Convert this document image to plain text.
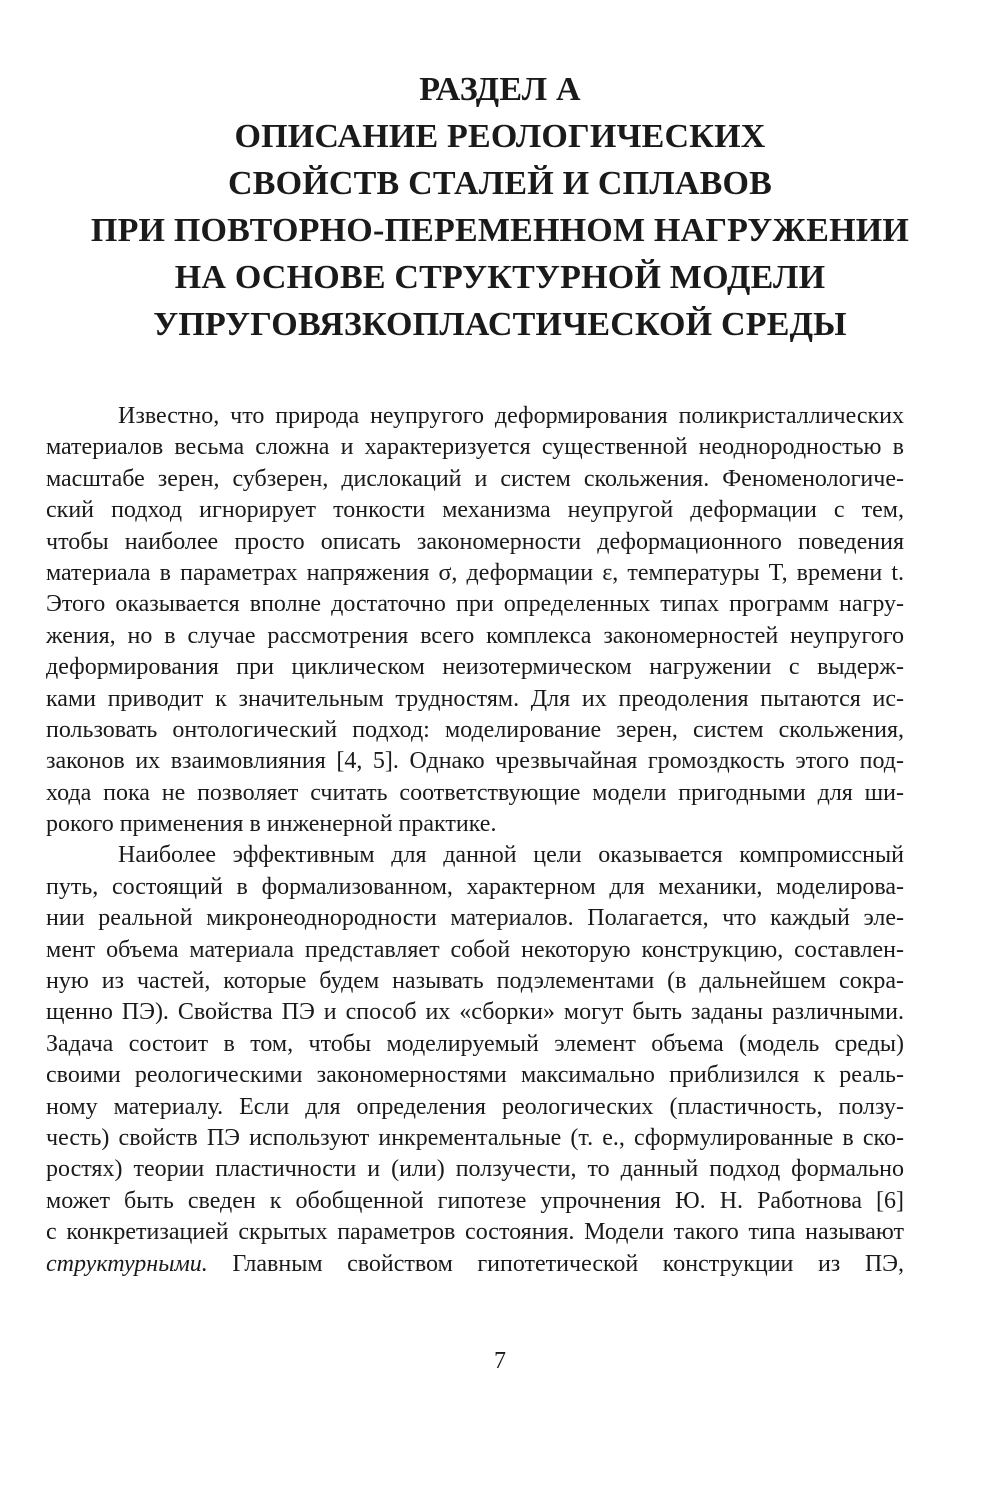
РАЗДЕЛ А
ОПИСАНИЕ РЕОЛОГИЧЕСКИХ
СВОЙСТВ СТАЛЕЙ И СПЛАВОВ
ПРИ ПОВТОРНО-ПЕРЕМЕННОМ НАГРУЖЕНИИ
НА ОСНОВЕ СТРУКТУРНОЙ МОДЕЛИ
УПРУГОВЯЗКОПЛАСТИЧЕСКОЙ СРЕДЫ
Известно, что природа неупругого деформирования поликристаллических
материалов весьма сложна и характеризуется существенной неоднородностью в
масштабе зерен, субзерен, дислокаций и систем скольжения. Феноменологиче-
ский подход игнорирует тонкости механизма неупругой деформации с тем,
чтобы наиболее просто описать закономерности деформационного поведения
материала в параметрах напряжения σ, деформации ε, температуры T, времени t.
Этого оказывается вполне достаточно при определенных типах программ нагру-
жения, но в случае рассмотрения всего комплекса закономерностей неупругого
деформирования при циклическом неизотермическом нагружении с выдерж-
ками приводит к значительным трудностям. Для их преодоления пытаются ис-
пользовать онтологический подход: моделирование зерен, систем скольжения,
законов их взаимовлияния [4, 5]. Однако чрезвычайная громоздкость этого под-
хода пока не позволяет считать соответствующие модели пригодными для ши-
рокого применения в инженерной практике.
Наиболее эффективным для данной цели оказывается компромиссный
путь, состоящий в формализованном, характерном для механики, моделирова-
нии реальной микронеоднородности материалов. Полагается, что каждый эле-
мент объема материала представляет собой некоторую конструкцию, составлен-
ную из частей, которые будем называть подэлементами (в дальнейшем сокра-
щенно ПЭ). Свойства ПЭ и способ их «сборки» могут быть заданы различными.
Задача состоит в том, чтобы моделируемый элемент объема (модель среды)
своими реологическими закономерностями максимально приблизился к реаль-
ному материалу. Если для определения реологических (пластичность, ползу-
честь) свойств ПЭ используют инкрементальные (т. е., сформулированные в ско-
ростях) теории пластичности и (или) ползучести, то данный подход формально
может быть сведен к обобщенной гипотезе упрочнения Ю. Н. Работнова [6]
с конкретизацией скрытых параметров состояния. Модели такого типа называют
структурными. Главным свойством гипотетической конструкции из ПЭ,
7
